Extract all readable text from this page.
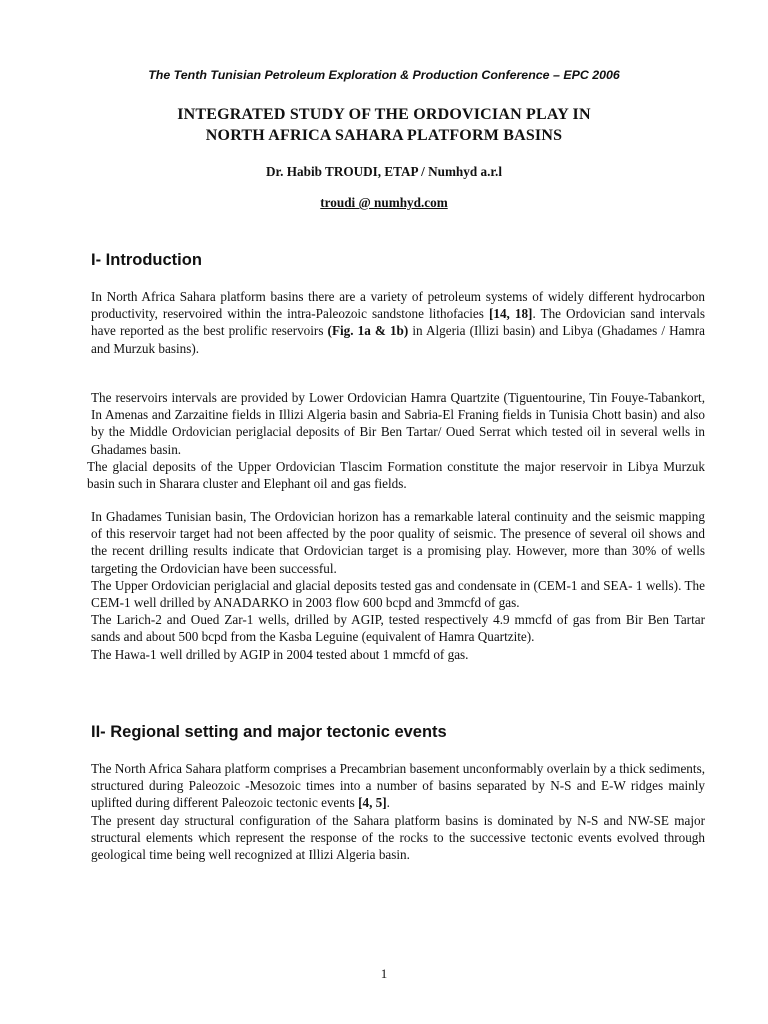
The Tenth Tunisian Petroleum Exploration & Production Conference – EPC 2006
INTEGRATED STUDY OF THE ORDOVICIAN PLAY IN
NORTH AFRICA SAHARA PLATFORM BASINS
Dr. Habib TROUDI, ETAP / Numhyd a.r.l
troudi @ numhyd.com
I- Introduction
In North Africa Sahara platform basins there are a variety of petroleum systems of widely different hydrocarbon productivity, reservoired within the intra-Paleozoic sandstone lithofacies [14, 18]. The Ordovician sand intervals have reported as the best prolific reservoirs (Fig. 1a & 1b) in Algeria (Illizi basin) and Libya (Ghadames / Hamra and Murzuk basins).
The reservoirs intervals are provided by Lower Ordovician Hamra Quartzite (Tiguentourine, Tin Fouye-Tabankort, In Amenas and Zarzaitine fields in Illizi Algeria basin and Sabria-El Franing fields in Tunisia Chott basin) and also by the Middle Ordovician periglacial deposits of Bir Ben Tartar/ Oued Serrat which tested oil in several wells in Ghadames basin.
The glacial deposits of the Upper Ordovician Tlascim Formation constitute the major reservoir in Libya Murzuk basin such in Sharara cluster and Elephant oil and gas fields.
In Ghadames Tunisian basin, The Ordovician horizon has a remarkable lateral continuity and the seismic mapping of this reservoir target had not been affected by the poor quality of seismic. The presence of several oil shows and the recent drilling results indicate that Ordovician target is a promising play. However, more than 30% of wells targeting the Ordovician have been successful.
The Upper Ordovician periglacial and glacial deposits tested gas and condensate in (CEM-1 and SEA- 1 wells). The CEM-1 well drilled by ANADARKO in 2003 flow 600 bcpd and 3mmcfd of gas.
The Larich-2 and Oued Zar-1 wells, drilled by AGIP, tested respectively 4.9 mmcfd of gas from Bir Ben Tartar sands and about 500 bcpd from the Kasba Leguine (equivalent of Hamra Quartzite).
The Hawa-1 well drilled by AGIP in 2004 tested about 1 mmcfd of gas.
II- Regional setting and major tectonic events
The North Africa Sahara platform comprises a Precambrian basement unconformably overlain by a thick sediments, structured during Paleozoic -Mesozoic times into a number of basins separated by N-S and E-W ridges mainly uplifted during different Paleozoic tectonic events [4, 5].
The present day structural configuration of the Sahara platform basins is dominated by N-S and NW-SE major structural elements which represent the response of the rocks to the successive tectonic events evolved through geological time being well recognized at Illizi Algeria basin.
1
